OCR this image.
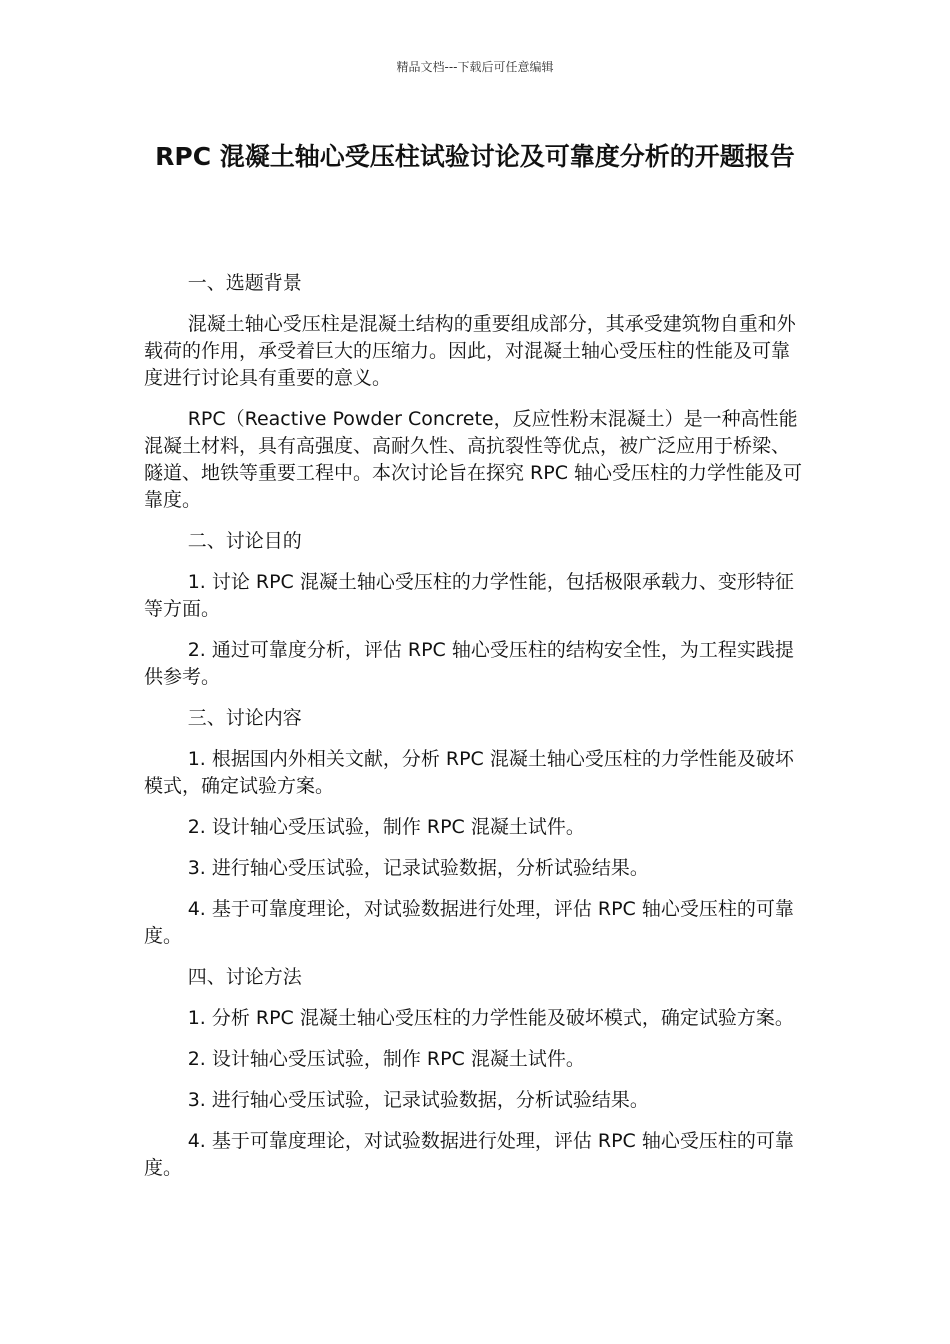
精品文档---下载后可任意编辑
RPC 混凝土轴心受压柱试验讨论及可靠度分析的开题报告
一、选题背景

混凝土轴心受压柱是混凝土结构的重要组成部分，其承受建筑物自重和外载荷的作用，承受着巨大的压缩力。因此，对混凝土轴心受压柱的性能及可靠度进行讨论具有重要的意义。

RPC（Reactive Powder Concrete，反应性粉末混凝土）是一种高性能混凝土材料，具有高强度、高耐久性、高抗裂性等优点，被广泛应用于桥梁、隧道、地铁等重要工程中。本次讨论旨在探究 RPC 轴心受压柱的力学性能及可靠度。

二、讨论目的

1. 讨论 RPC 混凝土轴心受压柱的力学性能，包括极限承载力、变形特征等方面。

2. 通过可靠度分析，评估 RPC 轴心受压柱的结构安全性，为工程实践提供参考。

三、讨论内容

1. 根据国内外相关文献，分析 RPC 混凝土轴心受压柱的力学性能及破坏模式，确定试验方案。

2. 设计轴心受压试验，制作 RPC 混凝土试件。

3. 进行轴心受压试验，记录试验数据，分析试验结果。

4. 基于可靠度理论，对试验数据进行处理，评估 RPC 轴心受压柱的可靠度。

四、讨论方法

1. 分析 RPC 混凝土轴心受压柱的力学性能及破坏模式，确定试验方案。

2. 设计轴心受压试验，制作 RPC 混凝土试件。

3. 进行轴心受压试验，记录试验数据，分析试验结果。

4. 基于可靠度理论，对试验数据进行处理，评估 RPC 轴心受压柱的可靠度。
